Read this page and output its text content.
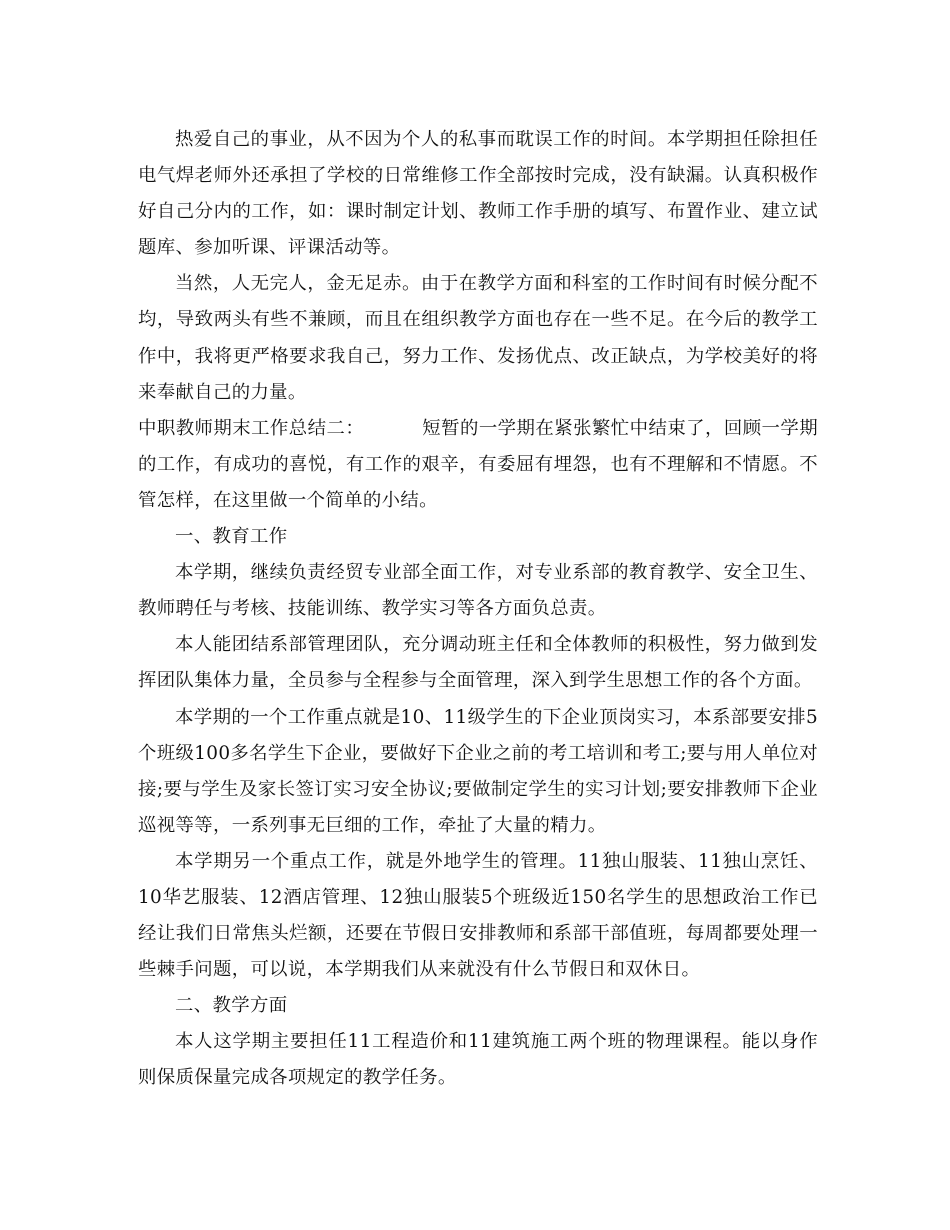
热爱自己的事业，从不因为个人的私事而耽误工作的时间。本学期担任除担任电气焊老师外还承担了学校的日常维修工作全部按时完成，没有缺漏。认真积极作好自己分内的工作，如：课时制定计划、教师工作手册的填写、布置作业、建立试题库、参加听课、评课活动等。

当然，人无完人，金无足赤。由于在教学方面和科室的工作时间有时候分配不均，导致两头有些不兼顾，而且在组织教学方面也存在一些不足。在今后的教学工作中，我将更严格要求我自己，努力工作、发扬优点、改正缺点，为学校美好的将来奉献自己的力量。

中职教师期末工作总结二：	短暂的一学期在紧张繁忙中结束了，回顾一学期的工作，有成功的喜悦，有工作的艰辛，有委屈有埋怨，也有不理解和不情愿。不管怎样，在这里做一个简单的小结。

一、教育工作

本学期，继续负责经贸专业部全面工作，对专业系部的教育教学、安全卫生、教师聘任与考核、技能训练、教学实习等各方面负总责。

本人能团结系部管理团队，充分调动班主任和全体教师的积极性，努力做到发挥团队集体力量，全员参与全程参与全面管理，深入到学生思想工作的各个方面。

本学期的一个工作重点就是10、11级学生的下企业顶岗实习，本系部要安排5个班级100多名学生下企业，要做好下企业之前的考工培训和考工;要与用人单位对接;要与学生及家长签订实习安全协议;要做制定学生的实习计划;要安排教师下企业巡视等等，一系列事无巨细的工作，牵扯了大量的精力。

本学期另一个重点工作，就是外地学生的管理。11独山服装、11独山烹饪、10华艺服装、12酒店管理、12独山服装5个班级近150名学生的思想政治工作已经让我们日常焦头烂额，还要在节假日安排教师和系部干部值班，每周都要处理一些棘手问题，可以说，本学期我们从来就没有什么节假日和双休日。

二、教学方面

本人这学期主要担任11工程造价和11建筑施工两个班的物理课程。能以身作则保质保量完成各项规定的教学任务。
